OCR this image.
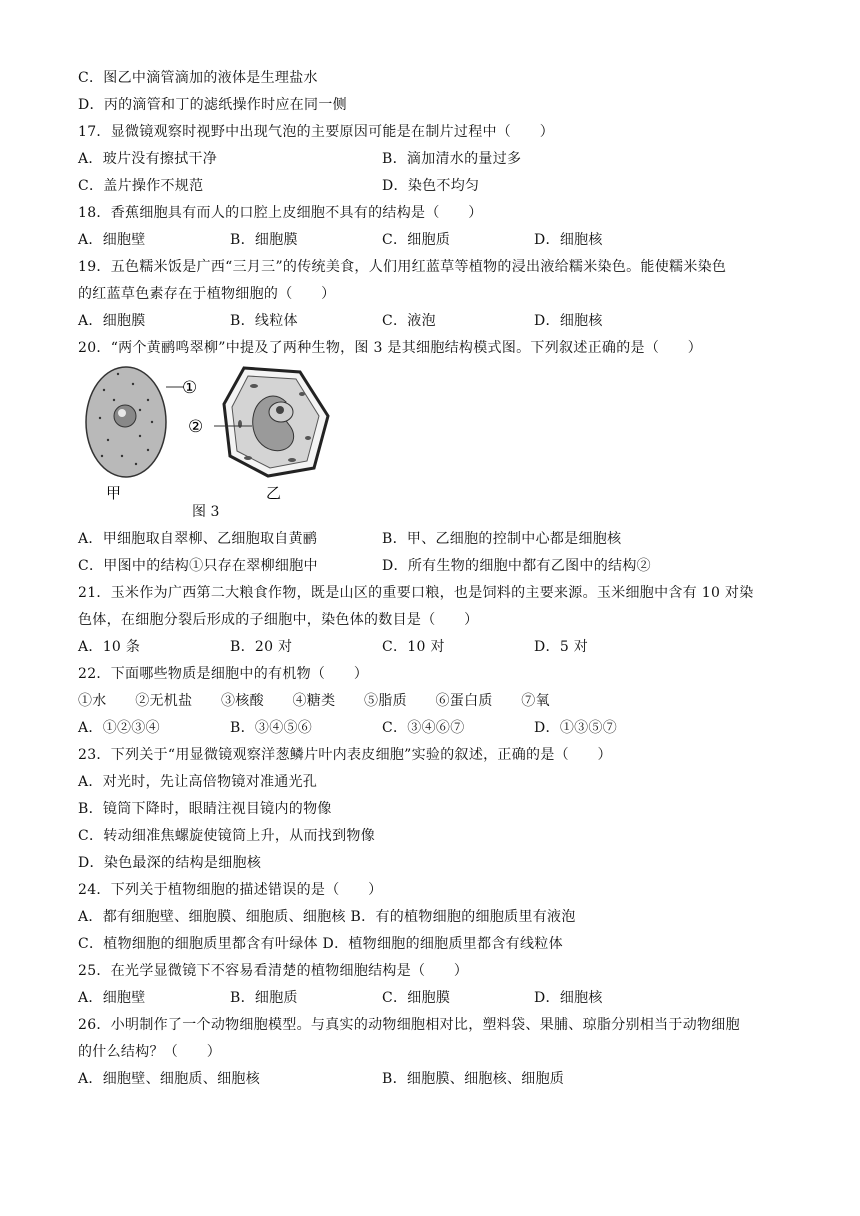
C．图乙中滴管滴加的液体是生理盐水
D．丙的滴管和丁的滤纸操作时应在同一侧
17．显微镜观察时视野中出现气泡的主要原因可能是在制片过程中（　　）
A．玻片没有擦拭干净	B．滴加清水的量过多
C．盖片操作不规范	D．染色不均匀
18．香蕉细胞具有而人的口腔上皮细胞不具有的结构是（　　）
A．细胞壁	B．细胞膜	C．细胞质	D．细胞核
19．五色糯米饭是广西“三月三”的传统美食，人们用红蓝草等植物的浸出液给糯米染色。能使糯米染色
的红蓝草色素存在于植物细胞的（　　）
A．细胞膜	B．线粒体	C．液泡	D．细胞核
20．“两个黄鹂鸣翠柳”中提及了两种生物，图 3 是其细胞结构模式图。下列叙述正确的是（　　）
①
甲
②
乙
图 3
A．甲细胞取自翠柳、乙细胞取自黄鹂	B．甲、乙细胞的控制中心都是细胞核
C．甲图中的结构①只存在翠柳细胞中	D．所有生物的细胞中都有乙图中的结构②
21．玉米作为广西第二大粮食作物，既是山区的重要口粮，也是饲料的主要来源。玉米细胞中含有 10 对染
色体，在细胞分裂后形成的子细胞中，染色体的数目是（　　）
A．10 条	B．20 对	C．10 对	D．5 对
22．下面哪些物质是细胞中的有机物（　　）
①水　　②无机盐　　③核酸　　④糖类　　⑤脂质　　⑥蛋白质　　⑦氧
A．①②③④	B．③④⑤⑥	C．③④⑥⑦	D．①③⑤⑦
23．下列关于“用显微镜观察洋葱鳞片叶内表皮细胞”实验的叙述，正确的是（　　）
A．对光时，先让高倍物镜对准通光孔
B．镜筒下降时，眼睛注视目镜内的物像
C．转动细准焦螺旋使镜筒上升，从而找到物像
D．染色最深的结构是细胞核
24．下列关于植物细胞的描述错误的是（　　）
A．都有细胞壁、细胞膜、细胞质、细胞核 B．有的植物细胞的细胞质里有液泡
C．植物细胞的细胞质里都含有叶绿体 D．植物细胞的细胞质里都含有线粒体
25．在光学显微镜下不容易看清楚的植物细胞结构是（　　）
A．细胞壁	B．细胞质	C．细胞膜	D．细胞核
26．小明制作了一个动物细胞模型。与真实的动物细胞相对比，塑料袋、果脯、琼脂分别相当于动物细胞
的什么结构？（　　）
A．细胞壁、细胞质、细胞核	B．细胞膜、细胞核、细胞质
